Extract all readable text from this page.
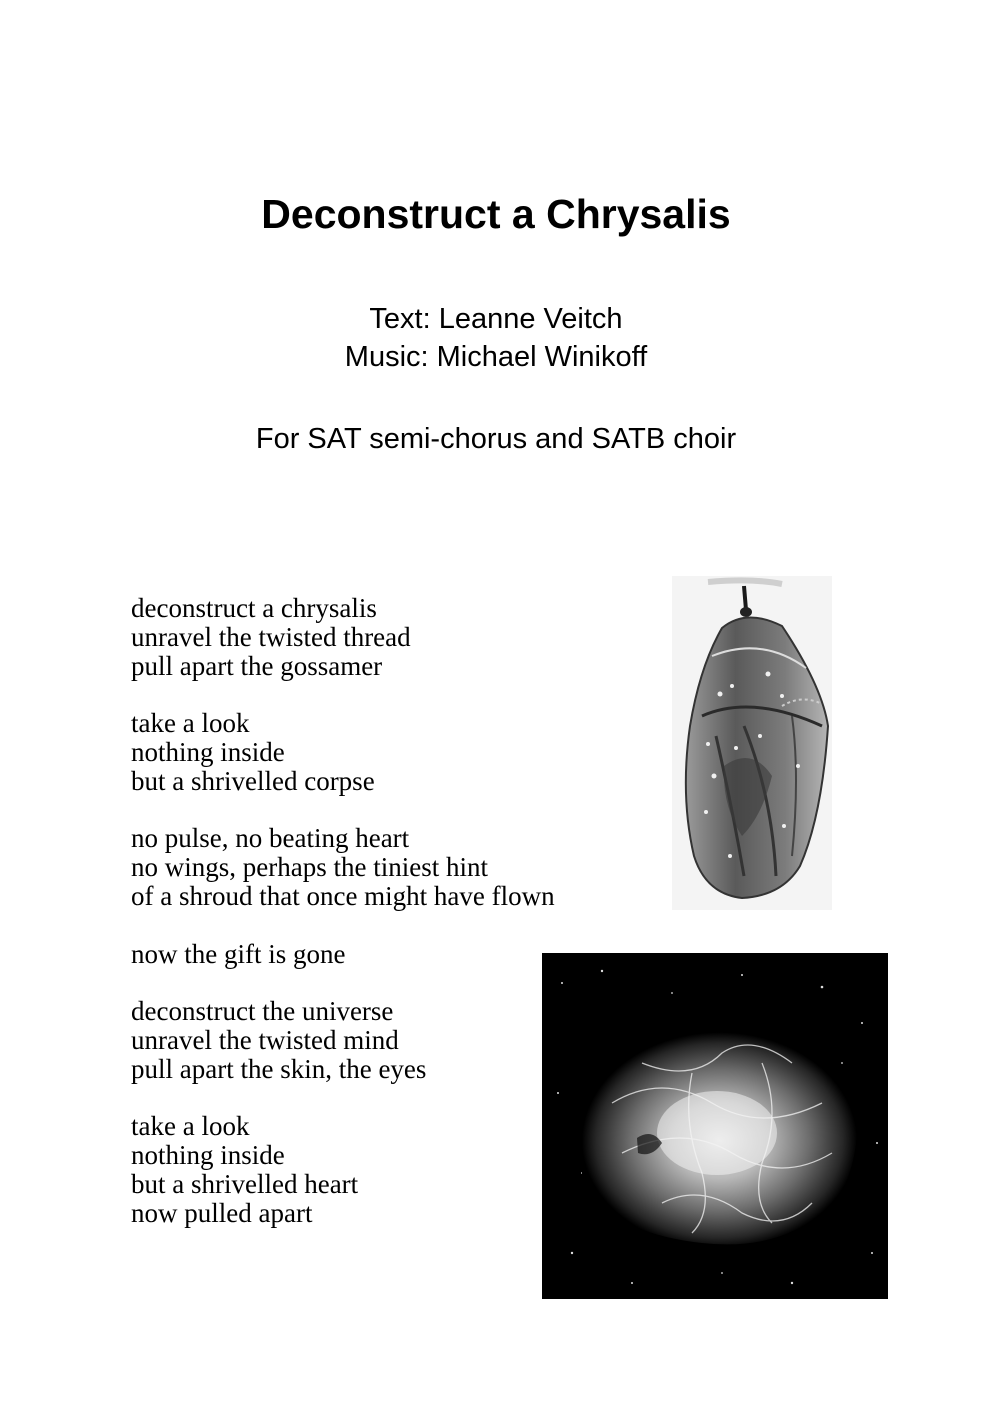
Deconstruct a Chrysalis
Text: Leanne Veitch
Music: Michael Winikoff
For SAT semi-chorus and SATB choir
deconstruct a chrysalis
unravel the twisted thread
pull apart the gossamer
take a look
nothing inside
but a shrivelled corpse
no pulse, no beating heart
no wings, perhaps the tiniest hint
of a shroud that once might have flown
now the gift is gone
deconstruct the universe
unravel the twisted mind
pull apart the skin, the eyes
take a look
nothing inside
but a shrivelled heart
now pulled apart
